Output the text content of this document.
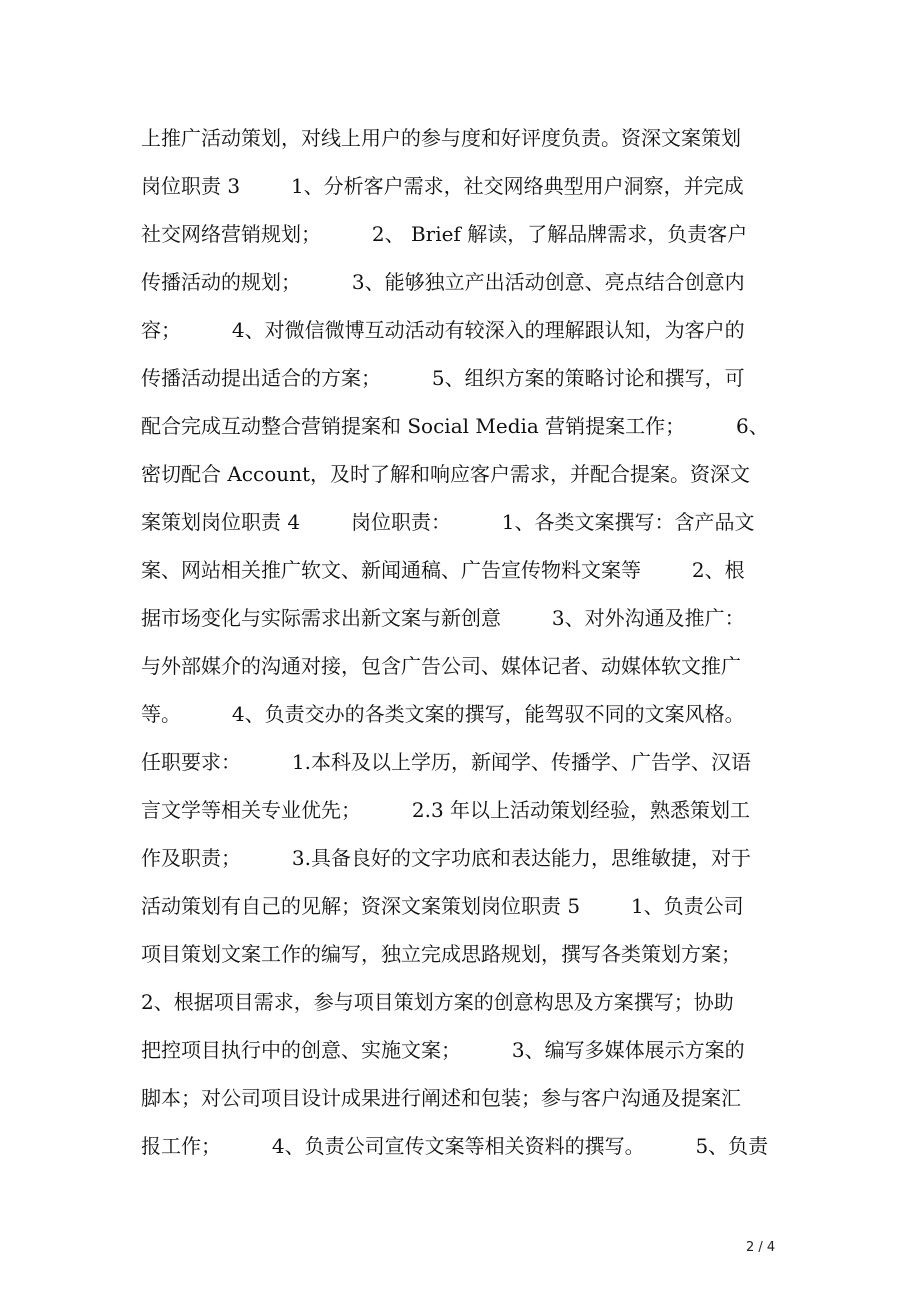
上推广活动策划，对线上用户的参与度和好评度负责。资深文案策划
岗位职责 3        1、分析客户需求，社交网络典型用户洞察，并完成
社交网络营销规划；        2、 Brief 解读，了解品牌需求，负责客户
传播活动的规划；        3、能够独立产出活动创意、亮点结合创意内
容；        4、对微信微博互动活动有较深入的理解跟认知，为客户的
传播活动提出适合的方案；        5、组织方案的策略讨论和撰写，可
配合完成互动整合营销提案和 Social Media 营销提案工作；        6、
密切配合 Account，及时了解和响应客户需求，并配合提案。资深文
案策划岗位职责 4        岗位职责：        1、各类文案撰写：含产品文
案、网站相关推广软文、新闻通稿、广告宣传物料文案等        2、根
据市场变化与实际需求出新文案与新创意        3、对外沟通及推广：
与外部媒介的沟通对接，包含广告公司、媒体记者、动媒体软文推广
等。        4、负责交办的各类文案的撰写，能驾驭不同的文案风格。
任职要求：        1.本科及以上学历，新闻学、传播学、广告学、汉语
言文学等相关专业优先；        2.3 年以上活动策划经验，熟悉策划工
作及职责；        3.具备良好的文字功底和表达能力，思维敏捷，对于
活动策划有自己的见解；资深文案策划岗位职责 5        1、负责公司
项目策划文案工作的编写，独立完成思路规划，撰写各类策划方案；
2、根据项目需求，参与项目策划方案的创意构思及方案撰写；协助
把控项目执行中的创意、实施文案；        3、编写多媒体展示方案的
脚本；对公司项目设计成果进行阐述和包装；参与客户沟通及提案汇
报工作；        4、负责公司宣传文案等相关资料的撰写。        5、负责
2 / 4
